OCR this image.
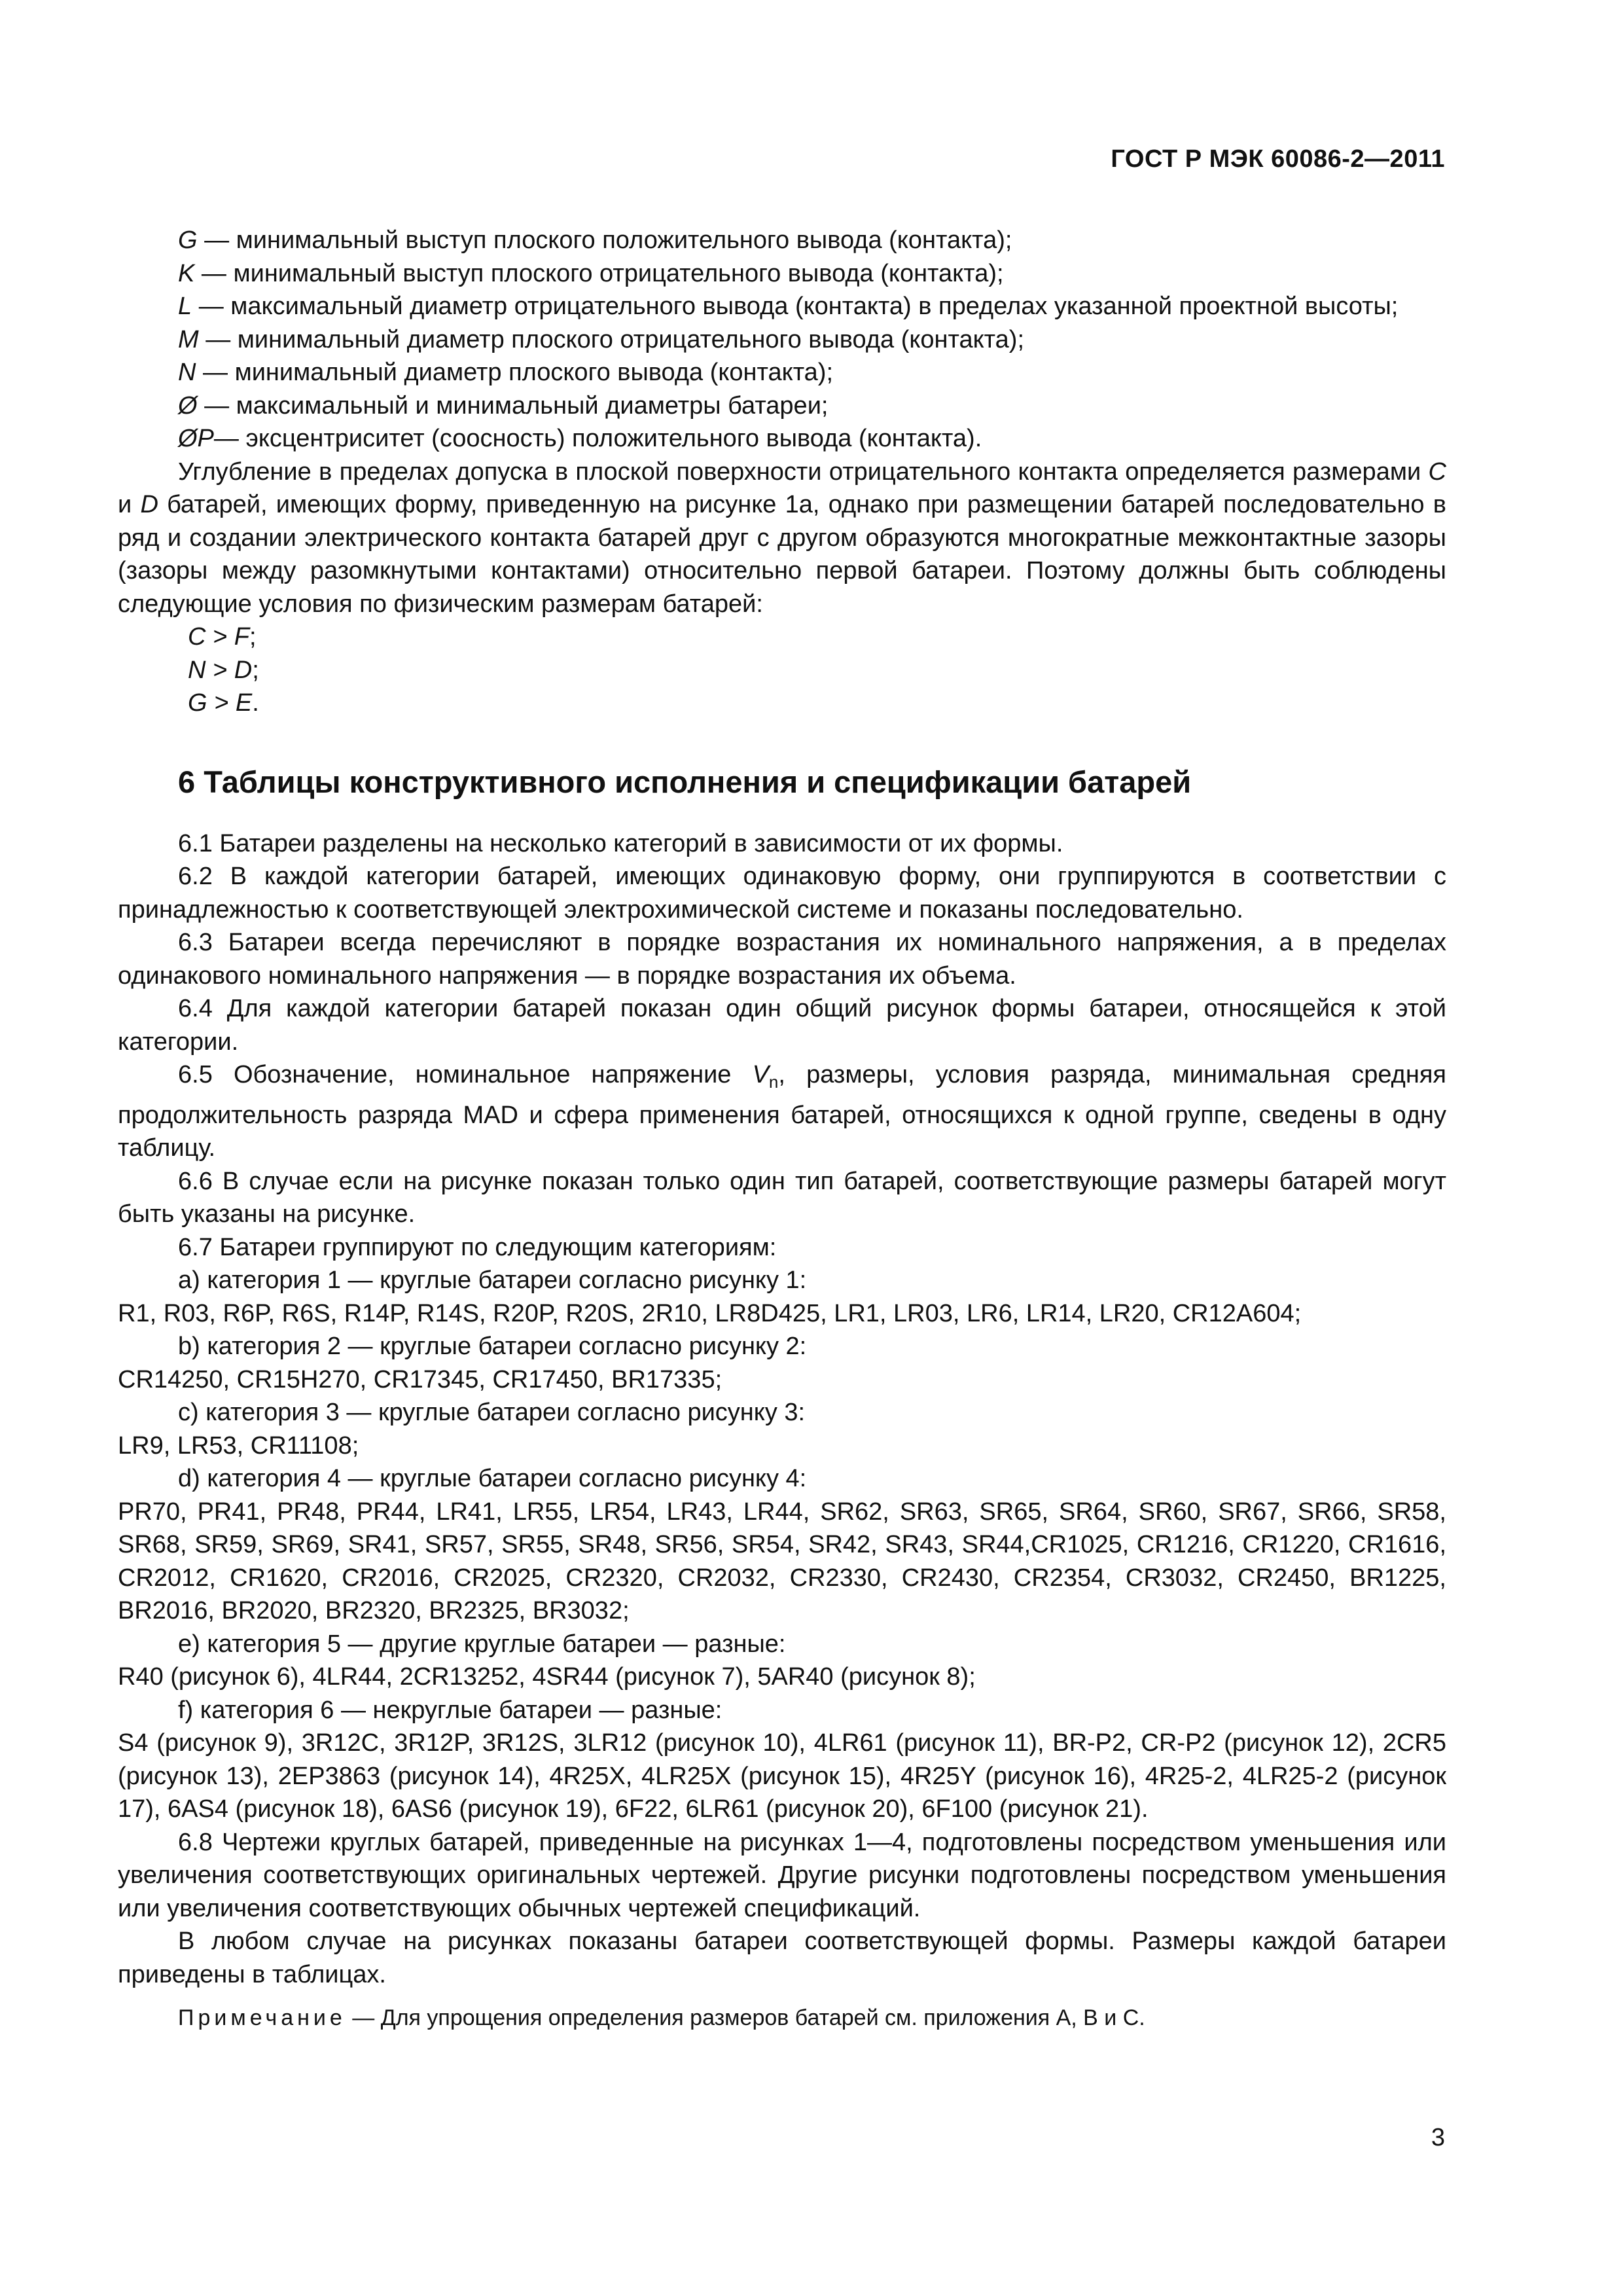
ГОСТ Р МЭК 60086-2—2011

G — минимальный выступ плоского положительного вывода (контакта);

K — минимальный выступ плоского отрицательного вывода (контакта);

L — максимальный диаметр отрицательного вывода (контакта) в пределах указанной проектной высоты;

M — минимальный диаметр плоского отрицательного вывода (контакта);

N — минимальный диаметр плоского вывода (контакта);

Ø — максимальный и минимальный диаметры батареи;

ØP— эксцентриситет (соосность) положительного вывода (контакта).

Углубление в пределах допуска в плоской поверхности отрицательного контакта определяется размерами C и D батарей, имеющих форму, приведенную на рисунке 1а, однако при размещении батарей последовательно в ряд и создании электрического контакта батарей друг с другом образуются многократные межконтактные зазоры (зазоры между разомкнутыми контактами) относительно первой батареи. Поэтому должны быть соблюдены следующие условия по физическим размерам батарей:

C > F;

N > D;

G > E.

6 Таблицы конструктивного исполнения и спецификации батарей

6.1 Батареи разделены на несколько категорий в зависимости от их формы.

6.2 В каждой категории батарей, имеющих одинаковую форму, они группируются в соответствии с принадлежностью к соответствующей электрохимической системе и показаны последовательно.

6.3 Батареи всегда перечисляют в порядке возрастания их номинального напряжения, а в пределах одинакового номинального напряжения — в порядке возрастания их объема.

6.4 Для каждой категории батарей показан один общий рисунок формы батареи, относящейся к этой категории.

6.5 Обозначение, номинальное напряжение $V_n$, размеры, условия разряда, минимальная средняя продолжительность разряда MAD и сфера применения батарей, относящихся к одной группе, сведены в одну таблицу.

6.6 В случае если на рисунке показан только один тип батарей, соответствующие размеры батарей могут быть указаны на рисунке.

6.7 Батареи группируют по следующим категориям:

a) категория 1 — круглые батареи согласно рисунку 1:

R1, R03, R6P, R6S, R14P, R14S, R20P, R20S, 2R10, LR8D425, LR1, LR03, LR6, LR14, LR20, CR12A604;

b) категория 2 — круглые батареи согласно рисунку 2:

CR14250, CR15H270, CR17345, CR17450, BR17335;

c) категория 3 — круглые батареи согласно рисунку 3:

LR9, LR53, CR11108;

d) категория 4 — круглые батареи согласно рисунку 4:

PR70, PR41, PR48, PR44, LR41, LR55, LR54, LR43, LR44, SR62, SR63, SR65, SR64, SR60, SR67, SR66, SR58, SR68, SR59, SR69, SR41, SR57, SR55, SR48, SR56, SR54, SR42, SR43, SR44,CR1025, CR1216, CR1220, CR1616, CR2012, CR1620, CR2016, CR2025, CR2320, CR2032, CR2330, CR2430, CR2354, CR3032, CR2450, BR1225, BR2016, BR2020, BR2320, BR2325, BR3032;

e) категория 5 — другие круглые батареи — разные:

R40 (рисунок 6), 4LR44, 2CR13252, 4SR44 (рисунок 7), 5AR40 (рисунок 8);

f) категория 6 — некруглые батареи — разные:

S4 (рисунок 9), 3R12C, 3R12P, 3R12S, 3LR12 (рисунок 10), 4LR61 (рисунок 11), BR-P2, CR-P2 (рисунок 12), 2CR5 (рисунок 13), 2EP3863 (рисунок 14), 4R25X, 4LR25X (рисунок 15), 4R25Y (рисунок 16), 4R25-2, 4LR25-2 (рисунок 17), 6AS4 (рисунок 18), 6AS6 (рисунок 19), 6F22, 6LR61 (рисунок 20), 6F100 (рисунок 21).

6.8 Чертежи круглых батарей, приведенные на рисунках 1—4, подготовлены посредством уменьшения или увеличения соответствующих оригинальных чертежей. Другие рисунки подготовлены посредством уменьшения или увеличения соответствующих обычных чертежей спецификаций.

В любом случае на рисунках показаны батареи соответствующей формы. Размеры каждой батареи приведены в таблицах.

Примечание — Для упрощения определения размеров батарей см. приложения А, В и С.

3
